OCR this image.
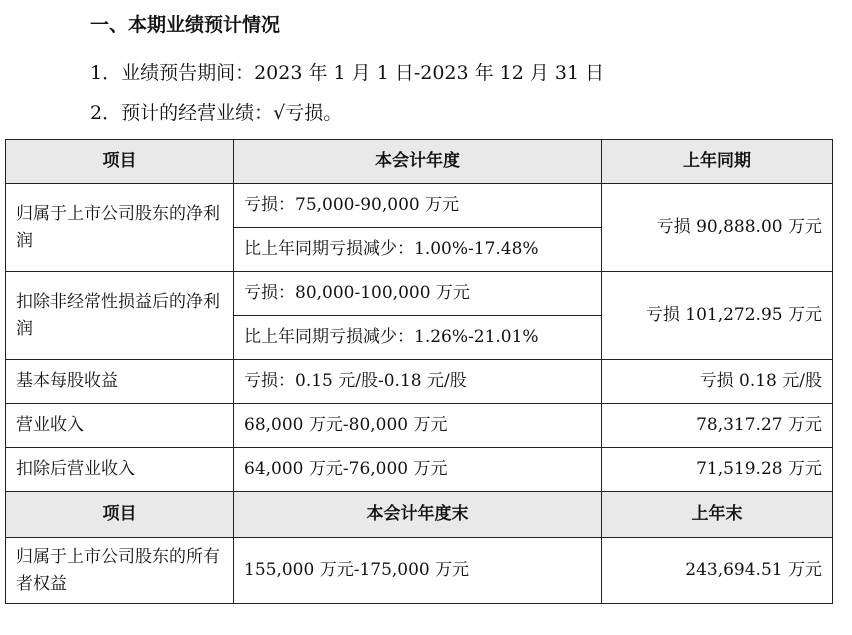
一、本期业绩预计情况
1．业绩预告期间：2023 年 1 月 1 日-2023 年 12 月 31 日
2．预计的经营业绩：√亏损。
项目	本会计年度	上年同期
归属于上市公司股东的净利润	亏损：75,000-90,000 万元	亏损 90,888.00 万元
	比上年同期亏损减少：1.00%-17.48%	
扣除非经常性损益后的净利润	亏损：80,000-100,000 万元	亏损 101,272.95 万元
	比上年同期亏损减少：1.26%-21.01%	
基本每股收益	亏损：0.15 元/股-0.18 元/股	亏损 0.18 元/股
营业收入	68,000 万元-80,000 万元	78,317.27 万元
扣除后营业收入	64,000 万元-76,000 万元	71,519.28 万元
项目	本会计年度末	上年末
归属于上市公司股东的所有者权益	155,000 万元-175,000 万元	243,694.51 万元
